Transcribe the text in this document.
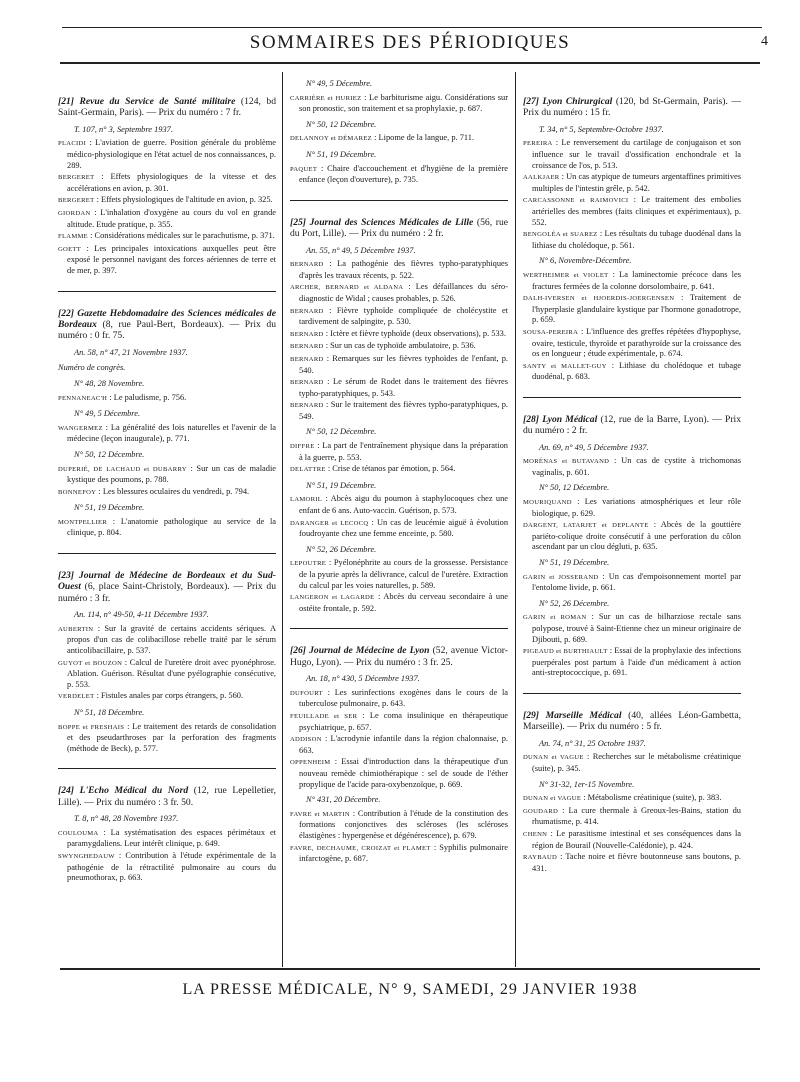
SOMMAIRES DES PÉRIODIQUES	4

[21] Revue du Service de Santé militaire (124, bd Saint-Germain, Paris). — Prix du numéro : 7 fr.

T. 107, n° 3, Septembre 1937.

PLACIDI : L'aviation de guerre. Position générale du problème médico-physiologique en l'état actuel de nos connaissances, p. 289.

BERGERET : Effets physiologiques de la vitesse et des accélérations en avion, p. 301.

BERGERET : Effets physiologiques de l'altitude en avion, p. 325.

GIORDAN : L'inhalation d'oxygène au cours du vol en grande altitude. Etude pratique, p. 355.

FLAMME : Considérations médicales sur le parachutisme, p. 371.

GOETT : Les principales intoxications auxquelles peut être exposé le personnel navigant des forces aériennes de terre et de mer, p. 397.

[22] Gazette Hebdomadaire des Sciences médicales de Bordeaux (8, rue Paul-Bert, Bordeaux). — Prix du numéro : 0 fr. 75.

An. 58, n° 47, 21 Novembre 1937.

Numéro de congrès.

N° 48, 28 Novembre.

PENNANEAC'H : Le paludisme, p. 756.

N° 49, 5 Décembre.

WANGERMEZ : La généralité des lois naturelles et l'avenir de la médecine (leçon inaugurale), p. 771.

N° 50, 12 Décembre.

DUPERIÉ, DE LACHAUD et DUBARRY : Sur un cas de maladie kystique des poumons, p. 788.

BONNEFOY : Les blessures oculaires du vendredi, p. 794.

N° 51, 19 Décembre.

MONTPELLIER : L'anatomie pathologique au service de la clinique, p. 804.

[23] Journal de Médecine de Bordeaux et du Sud-Ouest (6, place Saint-Christoly, Bordeaux). — Prix du numéro : 3 fr.

An. 114, n° 49-50, 4-11 Décembre 1937.

AUBERTIN : Sur la gravité de certains accidents sériques. A propos d'un cas de colibacillose rebelle traité par le sérum anticolibacillaire, p. 537.

GUYOT et BOUZON : Calcul de l'uretère droit avec pyonéphrose. Ablation. Guérison. Résultat d'une pyélographie consécutive, p. 553.

VERDELET : Fistules anales par corps étrangers, p. 560.

N° 51, 18 Décembre.

BOPPE et FRESHAIS : Le traitement des retards de consolidation et des pseudarthroses par la perforation des fragments (méthode de Beck), p. 577.

[24] L'Echo Médical du Nord (12, rue Lepelletier, Lille). — Prix du numéro : 3 fr. 50.

T. 8, n° 48, 28 Novembre 1937.

COULOUMA : La systématisation des espaces périmétaux et paramygdaliens. Leur intérêt clinique, p. 649.

SWYNGHEDAUW : Contribution à l'étude expérimentale de la pathogénie de la rétractilité pulmonaire au cours du pneumothorax, p. 663.

N° 49, 5 Décembre.

CARRIÈRE et HURIEZ : Le barbiturisme aigu. Considérations sur son pronostic, son traitement et sa prophylaxie, p. 687.

N° 50, 12 Décembre.

DELANNOY et DÉMAREZ : Lipome de la langue, p. 711.

N° 51, 19 Décembre.

PAQUET : Chaire d'accouchement et d'hygiène de la première enfance (leçon d'ouverture), p. 735.

[25] Journal des Sciences Médicales de Lille (56, rue du Port, Lille). — Prix du numéro : 2 fr.

An. 55, n° 49, 5 Décembre 1937.

BERNARD : La pathogénie des fièvres typho-paratyphiques d'après les travaux récents, p. 522.

ARCHER, BERNARD et ALDANA : Les défaillances du séro-diagnostic de Widal ; causes probables, p. 526.

BERNARD : Fièvre typhoïde compliquée de cholécystite et tardivement de salpingite, p. 530.

BERNARD : Ictère et fièvre typhoïde (deux observations), p. 533.

BERNARD : Sur un cas de typhoïde ambulatoire, p. 536.

BERNARD : Remarques sur les fièvres typhoïdes de l'enfant, p. 540.

BERNARD : Le sérum de Rodet dans le traitement des fièvres typho-paratyphiques, p. 543.

BERNARD : Sur le traitement des fièvres typho-paratyphiques, p. 549.

N° 50, 12 Décembre.

DIFFRE : La part de l'entraînement physique dans la préparation à la guerre, p. 553.

DELATTRE : Crise de tétanos par émotion, p. 564.

N° 51, 19 Décembre.

LAMORIL : Abcès aigu du poumon à staphylocoques chez une enfant de 6 ans. Auto-vaccin. Guérison, p. 573.

DARANGER et LECOCQ : Un cas de leucémie aiguë à évolution foudroyante chez une femme enceinte, p. 580.

N° 52, 26 Décembre.

LEPOUTRE : Pyélonéphrite au cours de la grossesse. Persistance de la pyurie après la délivrance, calcul de l'uretère. Extraction du calcul par les voies naturelles, p. 589.

LANGERON et LAGARDE : Abcès du cerveau secondaire à une ostéite frontale, p. 592.

[26] Journal de Médecine de Lyon (52, avenue Victor-Hugo, Lyon). — Prix du numéro : 3 fr. 25.

An. 18, n° 430, 5 Décembre 1937.

DUFOURT : Les surinfections exogènes dans le cours de la tuberculose pulmonaire, p. 643.

FEUILLADE et SER : Le coma insulinique en thérapeutique psychiatrique, p. 657.

ADDISON : L'acrodynie infantile dans la région chalonnaise, p. 663.

OPPENHEIM : Essai d'introduction dans la thérapeutique d'un nouveau remède chimiothérapique : sel de soude de l'éther propylique de l'acide para-oxybenzoïque, p. 669.

N° 431, 20 Décembre.

FAVRE et MARTIN : Contribution à l'étude de la constitution des formations conjonctives des scléroses (les scléroses élastigènes : hypergenèse et dégénérescence), p. 679.

FAVRE, DECHAUME, CROIZAT et FLAMET : Syphilis pulmonaire infarctogène, p. 687.

[27] Lyon Chirurgical (120, bd St-Germain, Paris). — Prix du numéro : 15 fr.

T. 34, n° 5, Septembre-Octobre 1937.

PEREIRA : Le renversement du cartilage de conjugaison et son influence sur le travail d'ossification enchondrale et la croissance de l'os, p. 513.

AALKJAER : Un cas atypique de tumeurs argentaffines primitives multiples de l'intestin grêle, p. 542.

CARCASSONNE et RAIMOVICI : Le traitement des embolies artérielles des membres (faits cliniques et expérimentaux), p. 552.

BENGOLÉA et SUAREZ : Les résultats du tubage duodénal dans la lithiase du cholédoque, p. 561.

N° 6, Novembre-Décembre.

WERTHEIMER et VIOLET : La laminectomie précoce dans les fractures fermées de la colonne dorsolombaire, p. 641.

DALH-IVERSEN et HJOERDIS-JOERGENSEN : Traitement de l'hyperplasie glandulaire kystique par l'hormone gonadotrope, p. 659.

SOUSA-PEREIRA : L'influence des greffes répétées d'hypophyse, ovaire, testicule, thyroïde et parathyroïde sur la croissance des os en longueur ; étude expérimentale, p. 674.

SANTY et MALLET-GUY : Lithiase du cholédoque et tubage duodénal, p. 683.

[28] Lyon Médical (12, rue de la Barre, Lyon). — Prix du numéro : 2 fr.

An. 69, n° 49, 5 Décembre 1937.

MORÉNAS et BUTAVAND : Un cas de cystite à trichomonas vaginalis, p. 601.

N° 50, 12 Décembre.

MOURIQUAND : Les variations atmosphériques et leur rôle biologique, p. 629.

DARGENT, LATARJET et DEPLANTE : Abcès de la gouttière pariéto-colique droite consécutif à une perforation du côlon ascendant par un clou dégluti, p. 635.

N° 51, 19 Décembre.

GARIN et JOSSERAND : Un cas d'empoisonnement mortel par l'entolome livide, p. 661.

N° 52, 26 Décembre.

GARIN et ROMAN : Sur un cas de bilharziose rectale sans polypose, trouvé à Saint-Etienne chez un mineur originaire de Djibouti, p. 689.

PIGEAUD et BURTHIAULT : Essai de la prophylaxie des infections puerpérales post partum à l'aide d'un médicament à action anti-streptococcique, p. 691.

[29] Marseille Médical (40, allées Léon-Gambetta, Marseille). — Prix du numéro : 5 fr.

An. 74, n° 31, 25 Octobre 1937.

DUNAN et VAGUE : Recherches sur le métabolisme créatinique (suite), p. 345.

N° 31-32, 1er-15 Novembre.

DUNAN et VAGUE : Métabolisme créatinique (suite), p. 383.

GOUDARD : La cure thermale à Greoux-les-Bains, station du rhumatisme, p. 414.

CHENN : Le parasitisme intestinal et ses conséquences dans la région de Bourail (Nouvelle-Calédonie), p. 424.

RAYBAUD : Tache noire et fièvre boutonneuse sans boutons, p. 431.

LA PRESSE MÉDICALE, N° 9, SAMEDI, 29 JANVIER 1938
